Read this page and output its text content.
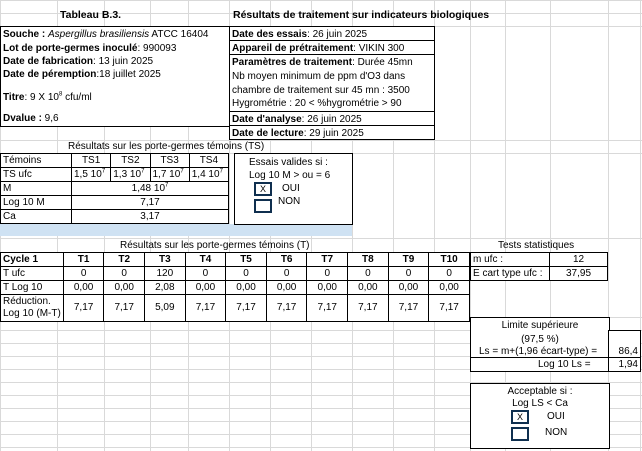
Tableau B.3.	Résultats de traitement sur indicateurs biologiques
Souche : Aspergillus brasiliensis ATCC 16404
Lot de porte-germes inoculé: 990093
Date de fabrication: 13 juin 2025
Date de péremption:18 juillet 2025
Titre: 9 X $10^8$ cfu/ml
Dvalue : 9,6
Date des essais: 26 juin 2025
Appareil de prétraitement: VIKIN 300
Paramètres de traitement: Durée 45mn
Nb moyen minimum de ppm d'O3 dans
chambre de traitement sur 45 mn : 3500
Hygrométrie : 20 < %hygrométrie > 90
Date d'analyse: 26 juin 2025
Date de lecture: 29 juin 2025
Résultats sur les porte-germes témoins (TS)
Témoins	TS1	TS2	TS3	TS4
TS ufc	1,5 $10^7$	1,3 $10^7$	1,7 $10^7$	1,4 $10^7$
M	1,48 $10^7$
Log 10 M	7,17			
Ca	3,17			
Essais valides si :
Log 10 M > ou = 6
X	OUI
NON
Résultats sur les porte-germes témoins (T)	Tests statistiques
Cycle 1	T1	T2	T3	T4	T5	T6	T7	T8	T9	T10
T ufc	0	0	120	0	0	0	0	0	0	0
T Log 10	0,00	0,00	2,08	0,00	0,00	0,00	0,00	0,00	0,00	0,00

Réduction.
Log 10 (M-T)	7,17	7,17	5,09	7,17	7,17	7,17	7,17	7,17	7,17	7,17
m ufc :	12
E cart type ufc :	37,95
Limite supérieure
(97,5 %)
Ls = m+(1,96 écart-type) =	86,4
Log 10 Ls =	1,94
Acceptable si :
Log LS < Ca
X	OUI
NON
